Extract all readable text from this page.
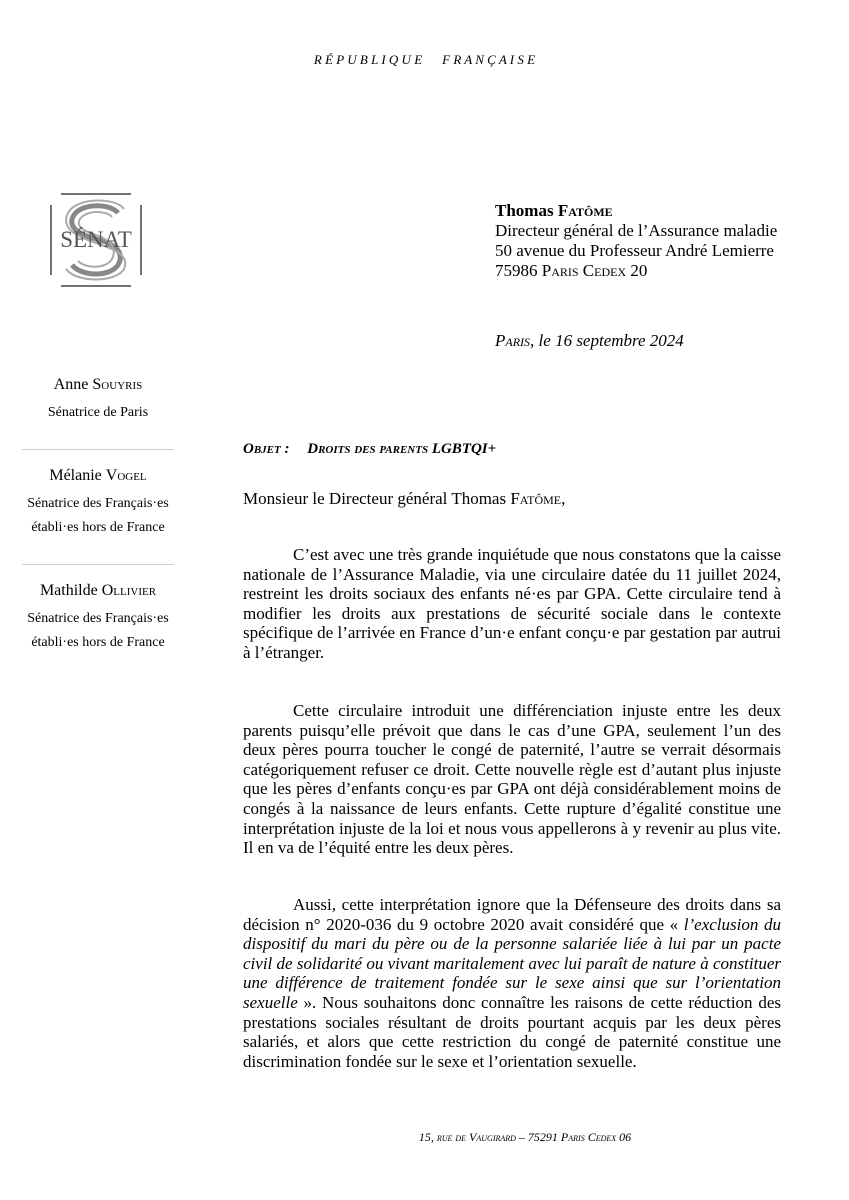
R É P U B L I Q U E F R A N Ç A I S E
SÉNAT
Thomas Fatôme
Directeur général de l’Assurance maladie
50 avenue du Professeur André Lemierre
75986 Paris Cedex 20
Paris, le 16 septembre 2024
Anne Souyris
Sénatrice de Paris
Mélanie Vogel
Sénatrice des Français·es
établi·es hors de France
Mathilde Ollivier
Sénatrice des Français·es
établi·es hors de France
Objet : Droits des parents LGBTQI+
Monsieur le Directeur général Thomas Fatôme,

C’est avec une très grande inquiétude que nous constatons que la caisse nationale de l’Assurance Maladie, via une circulaire datée du 11 juillet 2024, restreint les droits sociaux des enfants né·es par GPA. Cette circulaire tend à modifier les droits aux prestations de sécurité sociale dans le contexte spécifique de l’arrivée en France d’un·e enfant conçu·e par gestation par autrui à l’étranger.

Cette circulaire introduit une différenciation injuste entre les deux parents puisqu’elle prévoit que dans le cas d’une GPA, seulement l’un des deux pères pourra toucher le congé de paternité, l’autre se verrait désormais catégoriquement refuser ce droit. Cette nouvelle règle est d’autant plus injuste que les pères d’enfants conçu·es par GPA ont déjà considérablement moins de congés à la naissance de leurs enfants. Cette rupture d’égalité constitue une interprétation injuste de la loi et nous vous appellerons à y revenir au plus vite. Il en va de l’équité entre les deux pères.

Aussi, cette interprétation ignore que la Défenseure des droits dans sa décision n° 2020-036 du 9 octobre 2020 avait considéré que « l’exclusion du dispositif du mari du père ou de la personne salariée liée à lui par un pacte civil de solidarité ou vivant maritalement avec lui paraît de nature à constituer une différence de traitement fondée sur le sexe ainsi que sur l’orientation sexuelle ». Nous souhaitons donc connaître les raisons de cette réduction des prestations sociales résultant de droits pourtant acquis par les deux pères salariés, et alors que cette restriction du congé de paternité constitue une discrimination fondée sur le sexe et l’orientation sexuelle.

15, rue de Vaugirard – 75291 Paris Cedex 06
